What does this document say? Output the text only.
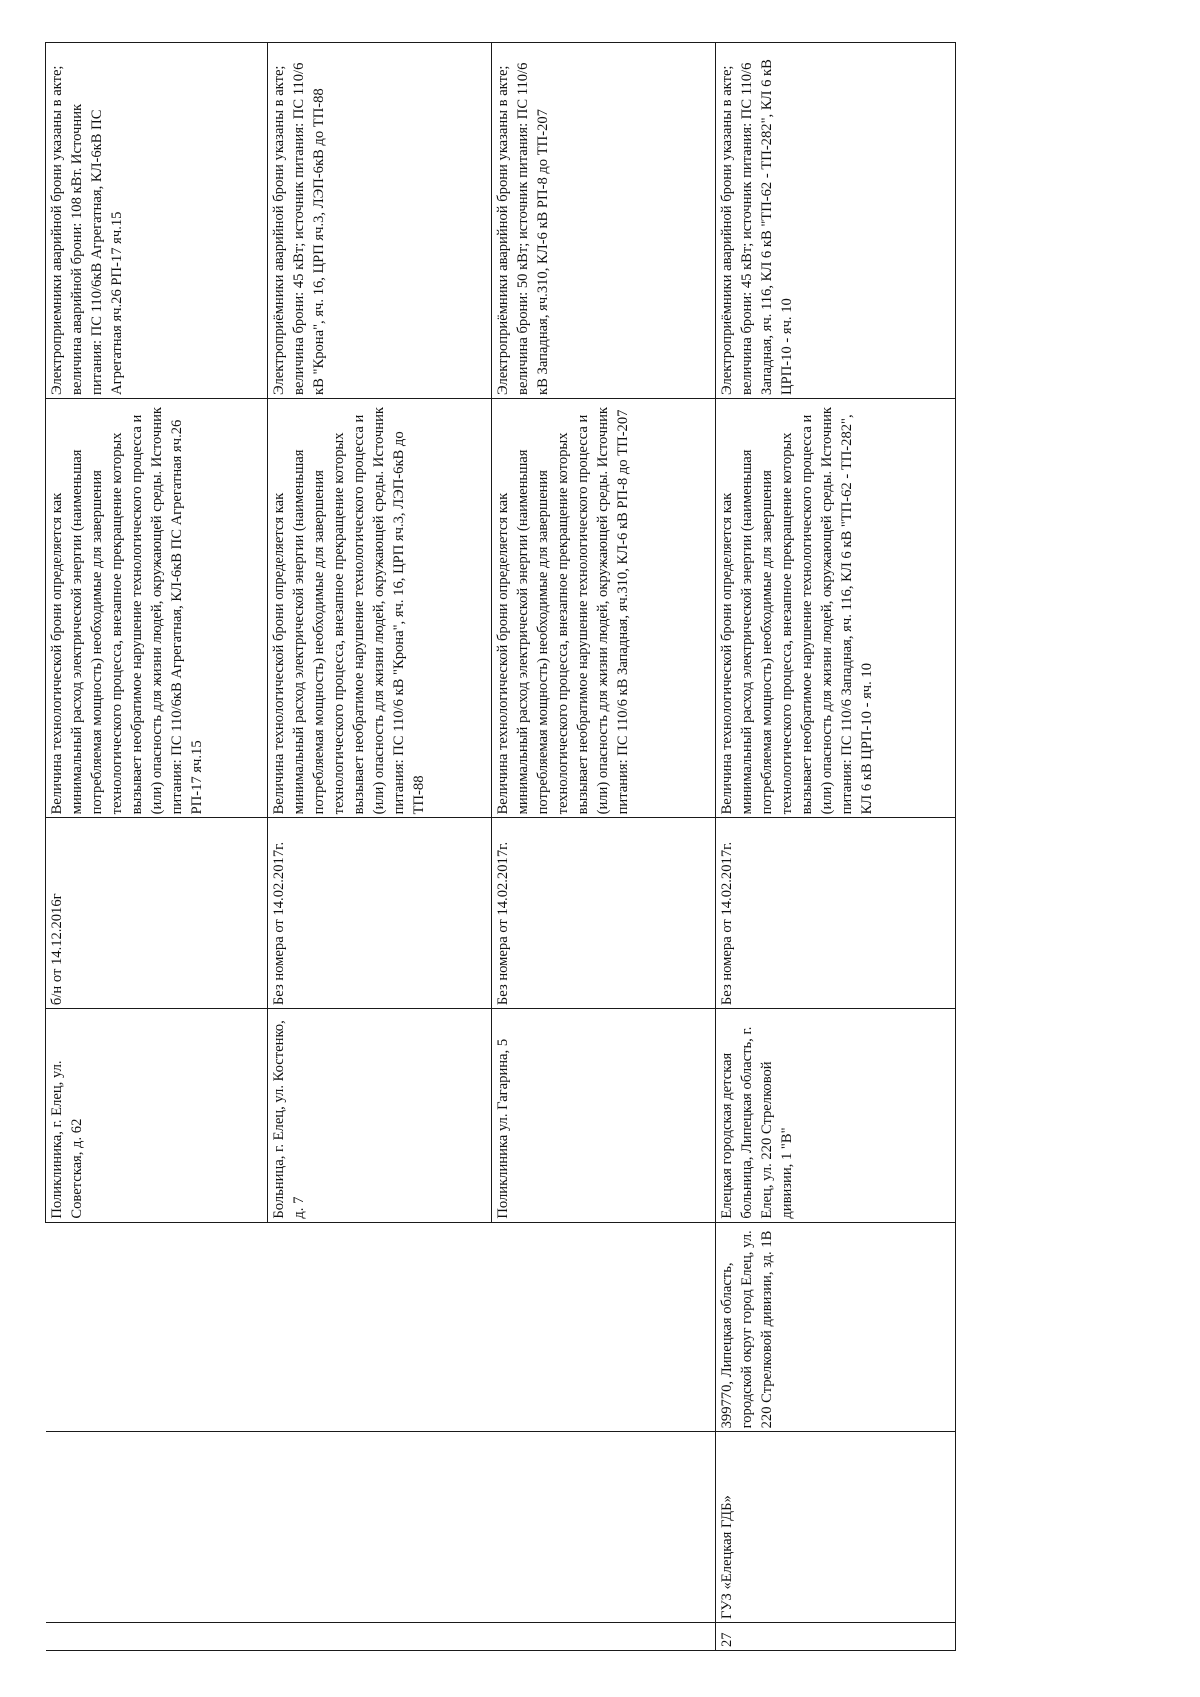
			Поликлиника, г. Елец, ул. Советская, д. 62	б/н от 14.12.2016г	Величина технологической брони определяется как минимальный расход электрической энергии (наименьшая потребляемая мощность) необходимые для завершения технологического процесса, внезапное прекращение которых вызывает необратимое нарушение технологического процесса и (или) опасность для жизни людей, окружающей среды. Источник питания: ПС 110/6кВ Агрегатная, КЛ-6кВ ПС Агрегатная яч.26 РП-17 яч.15	Электроприемники аварийной брони указаны в акте; величина аварийной брони: 108 кВт. Источник питания: ПС 110/6кВ Агрегатная, КЛ-6кВ ПС Агрегатная яч.26 РП-17 яч.15
			Больница, г. Елец, ул. Костенко, д. 7	Без номера от 14.02.2017г.	Величина технологической брони определяется как минимальный расход электрической энергии (наименьшая потребляемая мощность) необходимые для завершения технологического процесса, внезапное прекращение которых вызывает необратимое нарушение технологического процесса и (или) опасность для жизни людей, окружающей среды. Источник питания: ПС 110/6 кВ "Крона", яч. 16, ЦРП яч.3, ЛЭП-6кВ до ТП-88	Электроприёмники аварийной брони указаны в акте; величина брони: 45 кВт; источник питания: ПС 110/6 кВ "Крона", яч. 16, ЦРП яч.3, ЛЭП-6кВ до ТП-88
			Поликлиника ул. Гагарина, 5	Без номера от 14.02.2017г.	Величина технологической брони определяется как минимальный расход электрической энергии (наименьшая потребляемая мощность) необходимые для завершения технологического процесса, внезапное прекращение которых вызывает необратимое нарушение технологического процесса и (или) опасность для жизни людей, окружающей среды. Источник питания: ПС 110/6 кВ Западная, яч.310, КЛ-6 кВ РП-8 до ТП-207	Электроприёмники аварийной брони указаны в акте; величина брони: 50 кВт; источник питания: ПС 110/6 кВ Западная, яч.310, КЛ-6 кВ РП-8 до ТП-207
27	ГУЗ «Елецкая ГДБ»	399770, Липецкая область, городской округ город Елец, ул. 220 Стрелковой дивизии, зд. 1В	Елецкая городская детская больница, Липецкая область, г. Елец, ул. 220 Стрелковой дивизии, 1 "В"	Без номера от 14.02.2017г.	Величина технологической брони определяется как минимальный расход электрической энергии (наименьшая потребляемая мощность) необходимые для завершения технологического процесса, внезапное прекращение которых вызывает необратимое нарушение технологического процесса и (или) опасность для жизни людей, окружающей среды. Источник питания: ПС 110/6 Западная, яч. 116, КЛ 6 кВ "ТП-62 - ТП-282", КЛ 6 кВ ЦРП-10 - яч. 10	Электроприёмники аварийной брони указаны в акте; величина брони: 45 кВт; источник питания: ПС 110/6 Западная, яч. 116, КЛ 6 кВ "ТП-62 - ТП-282", КЛ 6 кВ ЦРП-10 - яч. 10
